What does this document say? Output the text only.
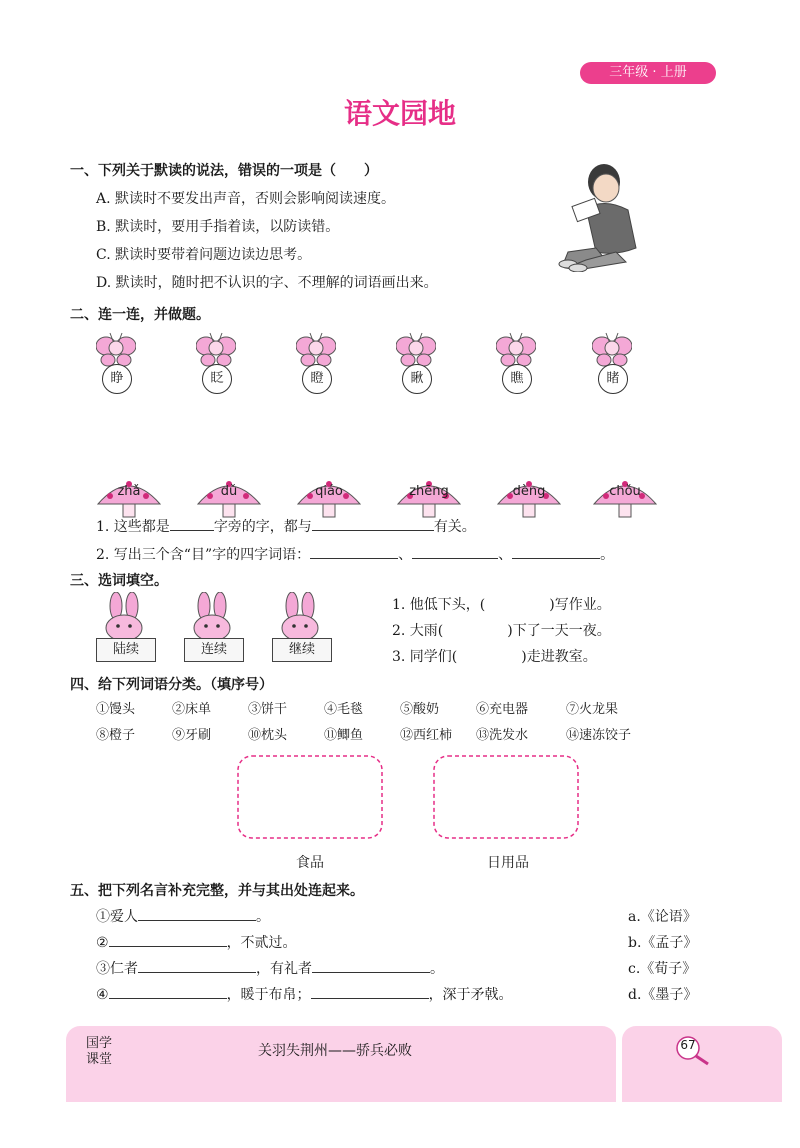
三年级 · 上册
语文园地
一、下列关于默读的说法，错误的一项是（　　）
A. 默读时不要发出声音，否则会影响阅读速度。
B. 默读时，要用手指着读，以防读错。
C. 默读时要带着问题边读边思考。
D. 默读时，随时把不认识的字、不理解的词语画出来。
二、连一连，并做题。
睁	眨	瞪	瞅	瞧	睹
zhǎ	dǔ	qiáo	zhēng	dèng	chǒu
1. 这些都是	字旁的字，都与	有关。
2. 写出三个含“目”字的四字词语：	、	、	。
三、选词填空。
陆续	连续	继续
1. 他低下头，(	)写作业。
2. 大雨(	)下了一天一夜。
3. 同学们(	)走进教室。
四、给下列词语分类。（填序号）
①馒头	②床单	③饼干	④毛毯	⑤酸奶	⑥充电器	⑦火龙果
⑧橙子	⑨牙刷	⑩枕头	⑪鲫鱼	⑫西红柿 ⑬洗发水	⑭速冻饺子
食品	日用品
五、把下列名言补充完整，并与其出处连起来。
①爱人	。
②	，不贰过。
③仁者	，有礼者	。
④	，暖于布帛；	，深于矛戟。
a.《论语》
b.《孟子》
c.《荀子》
d.《墨子》
国学
课堂
关羽失荆州——骄兵必败	67
